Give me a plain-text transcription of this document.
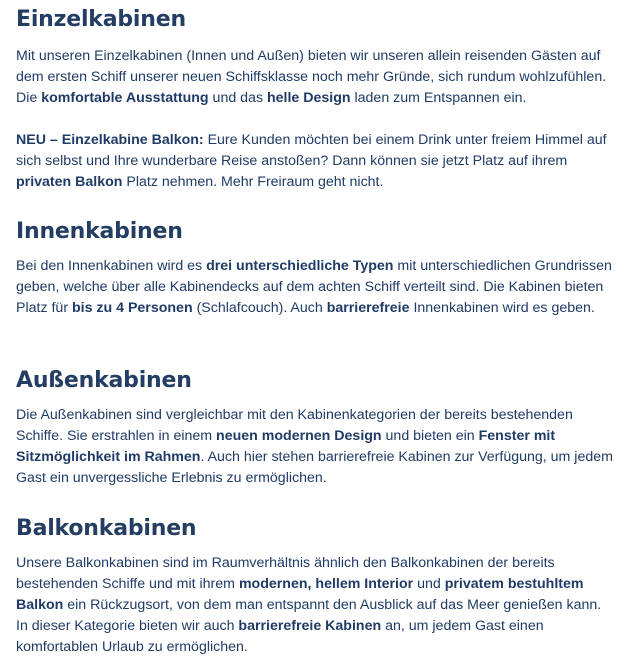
Einzelkabinen

Mit unseren Einzelkabinen (Innen und Außen) bieten wir unseren allein reisenden Gästen auf dem ersten Schiff unserer neuen Schiffsklasse noch mehr Gründe, sich rundum wohlzufühlen. Die komfortable Ausstattung und das helle Design laden zum Entspannen ein.

NEU – Einzelkabine Balkon: Eure Kunden möchten bei einem Drink unter freiem Himmel auf sich selbst und Ihre wunderbare Reise anstoßen? Dann können sie jetzt Platz auf ihrem privaten Balkon Platz nehmen. Mehr Freiraum geht nicht.

Innenkabinen

Bei den Innenkabinen wird es drei unterschiedliche Typen mit unterschiedlichen Grundrissen geben, welche über alle Kabinendecks auf dem achten Schiff verteilt sind. Die Kabinen bieten Platz für bis zu 4 Personen (Schlafcouch). Auch barrierefreie Innenkabinen wird es geben.

Außenkabinen

Die Außenkabinen sind vergleichbar mit den Kabinenkategorien der bereits bestehenden Schiffe. Sie erstrahlen in einem neuen modernen Design und bieten ein Fenster mit Sitzmöglichkeit im Rahmen. Auch hier stehen barrierefreie Kabinen zur Verfügung, um jedem Gast ein unvergessliche Erlebnis zu ermöglichen.

Balkonkabinen

Unsere Balkonkabinen sind im Raumverhältnis ähnlich den Balkonkabinen der bereits bestehenden Schiffe und mit ihrem modernen, hellem Interior und privatem bestuhltem Balkon ein Rückzugsort, von dem man entspannt den Ausblick auf das Meer genießen kann. In dieser Kategorie bieten wir auch barrierefreie Kabinen an, um jedem Gast einen komfortablen Urlaub zu ermöglichen.
